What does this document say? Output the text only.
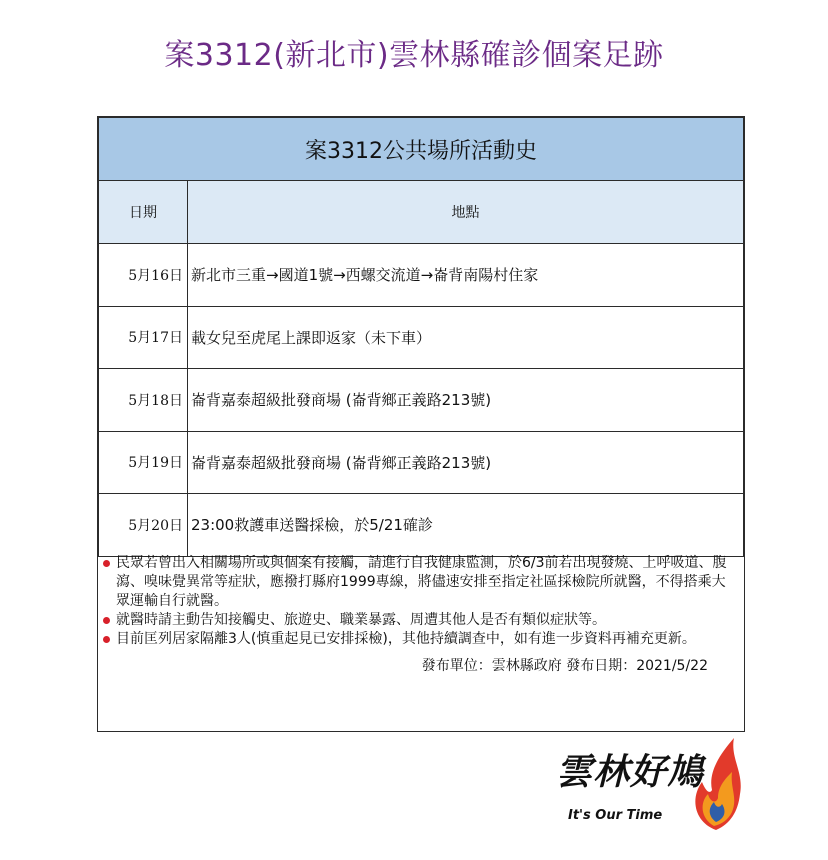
案3312(新北市)雲林縣確診個案足跡
案3312公共場所活動史	
日期	地點
5月16日	新北市三重→國道1號→西螺交流道→崙背南陽村住家
5月17日	載女兒至虎尾上課即返家（未下車）
5月18日	崙背嘉泰超級批發商場 (崙背鄉正義路213號)
5月19日	崙背嘉泰超級批發商場 (崙背鄉正義路213號)
5月20日	23:00救護車送醫採檢，於5/21確診
民眾若曾出入相關場所或與個案有接觸，請進行自我健康監測，於6/3前若出現發燒、上呼吸道、腹瀉、嗅味覺異常等症狀，應撥打縣府1999專線，將儘速安排至指定社區採檢院所就醫，不得搭乘大眾運輸自行就醫。
就醫時請主動告知接觸史、旅遊史、職業暴露、周遭其他人是否有類似症狀等。
目前匡列居家隔離3人(慎重起見已安排採檢)，其他持續調查中，如有進一步資料再補充更新。
發布單位：雲林縣政府 發布日期：2021/5/22
雲林好鳩
It's Our Time
